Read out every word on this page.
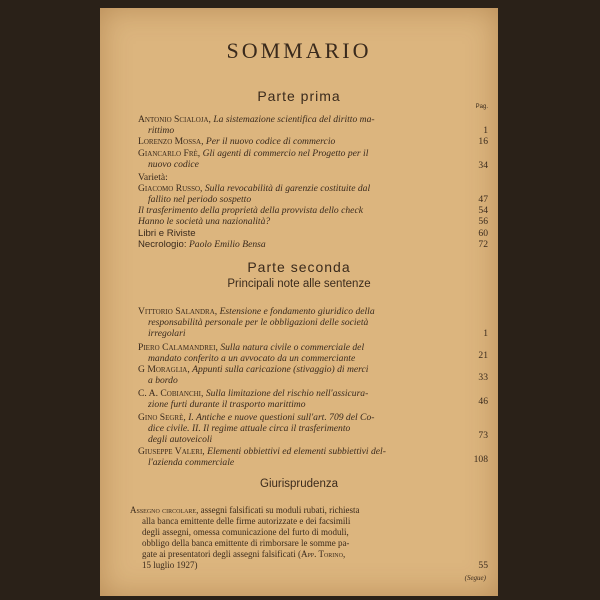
SOMMARIO
Parte prima
Pag.
Antonio Scialoja, La sistemazione scientifica del diritto ma-
rittimo	1
Lorenzo Mossa, Per il nuovo codice di commercio	16
Giancarlo Frè, Gli agenti di commercio nel Progetto per il
nuovo codice	34
Varietà:
Giacomo Russo, Sulla revocabilità di garenzie costituite dal
fallito nel periodo sospetto	47
Il trasferimento della proprietà della provvista dello check	54
Hanno le società una nazionalità?	56
Libri e Riviste	60
Necrologio: Paolo Emilio Bensa	72
Parte seconda
Principali note alle sentenze
Vittorio Salandra, Estensione e fondamento giuridico della
responsabilità personale per le obbligazioni delle società
irregolari	1
Piero Calamandrei, Sulla natura civile o commerciale del
mandato conferito a un avvocato da un commerciante	21
G Moraglia, Appunti sulla caricazione (stivaggio) di merci
a bordo	33
C. A. Cobianchi, Sulla limitazione del rischio nell'assicura-
zione furti durante il trasporto marittimo	46
Gino Segrè, I. Antiche e nuove questioni sull'art. 709 del Co-
dice civile. II. Il regime attuale circa il trasferimento
degli autoveicoli	73
Giuseppe Valeri, Elementi obbiettivi ed elementi subbiettivi del-
l'azienda commerciale	108
Giurisprudenza
Assegno circolare, assegni falsificati su moduli rubati, richiesta
alla banca emittente delle firme autorizzate e dei facsimili
degli assegni, omessa comunicazione del furto di moduli,
obbligo della banca emittente di rimborsare le somme pa-
gate ai presentatori degli assegni falsificati (App. Torino,
15 luglio 1927)	55
(Segue)
